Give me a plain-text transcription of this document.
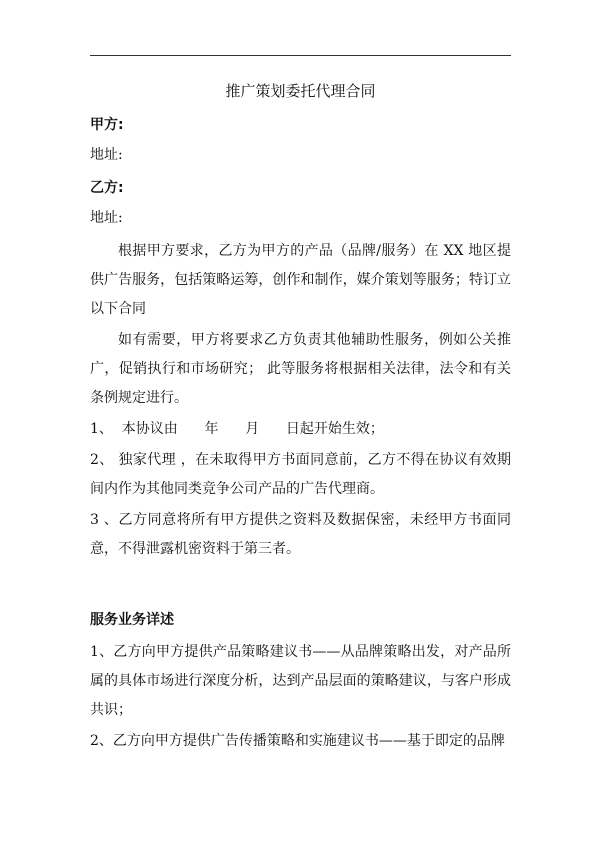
推广策划委托代理合同
甲方:
地址:
乙方:
地址:

根据甲方要求，乙方为甲方的产品（品牌/服务）在 XX 地区提供广告服务，包括策略运筹，创作和制作，媒介策划等服务；特订立以下合同

如有需要，甲方将要求乙方负责其他辅助性服务，例如公关推广，促销执行和市场研究； 此等服务将根据相关法律，法令和有关条例规定进行。

1、  本协议由      年      月      日起开始生效；

2、 独家代理 ，在未取得甲方书面同意前，乙方不得在协议有效期间内作为其他同类竞争公司产品的广告代理商。

3 、乙方同意将所有甲方提供之资料及数据保密，未经甲方书面同意，不得泄露机密资料于第三者。

服务业务详述

1、乙方向甲方提供产品策略建议书——从品牌策略出发，对产品所属的具体市场进行深度分析，达到产品层面的策略建议，与客户形成共识；

2、乙方向甲方提供广告传播策略和实施建议书——基于即定的品牌
